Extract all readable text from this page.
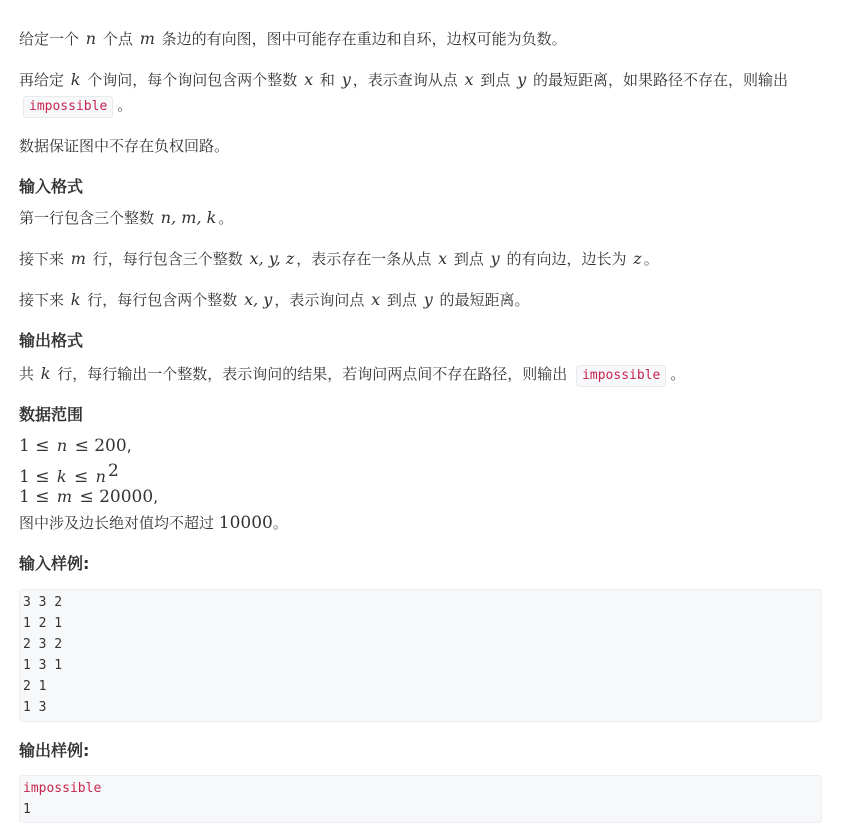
给定一个 n 个点 m 条边的有向图，图中可能存在重边和自环，边权可能为负数。
再给定 k 个询问，每个询问包含两个整数 x 和 y ，表示查询从点 x 到点 y 的最短距离，如果路径不存在，则输出
impossible 。
数据保证图中不存在负权回路。
输入格式
第一行包含三个整数 n, m, k 。
接下来 m 行，每行包含三个整数 x, y, z ，表示存在一条从点 x 到点 y 的有向边，边长为 z 。
接下来 k 行，每行包含两个整数 x, y ，表示询问点 x 到点 y 的最短距离。
输出格式
共 k 行，每行输出一个整数，表示询问的结果，若询问两点间不存在路径，则输出 impossible 。
数据范围
1 ≤ n ≤ 200,
1 ≤ k ≤ n $^2$
1 ≤ m ≤ 20000,
图中涉及边长绝对值均不超过 10000。
输入样例:
3 3 2
1 2 1
2 3 2
1 3 1
2 1
1 3
输出样例:
impossible
1
